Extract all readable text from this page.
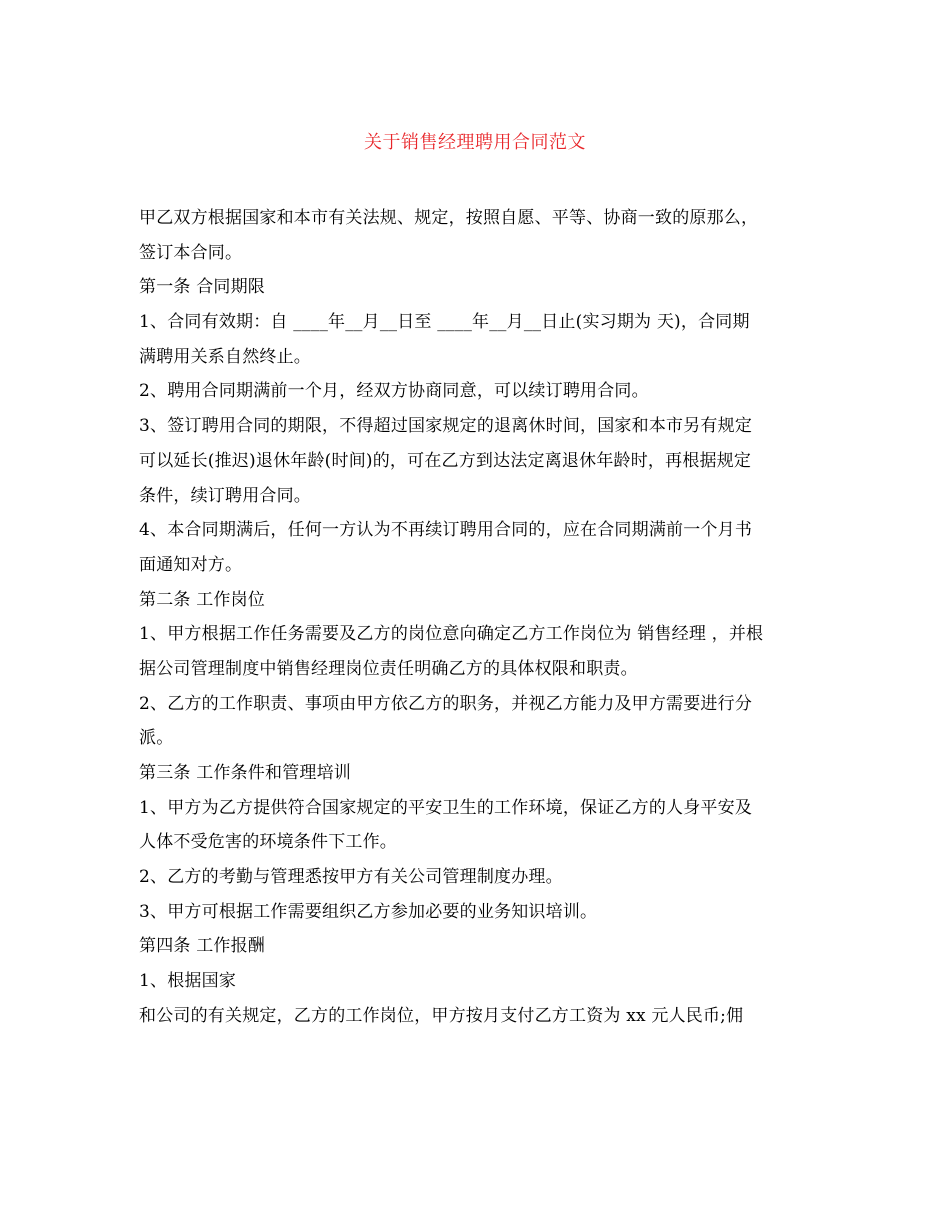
关于销售经理聘用合同范文
甲乙双方根据国家和本市有关法规、规定，按照自愿、平等、协商一致的原那么，
签订本合同。
第一条 合同期限
1、合同有效期：自 ____年__月__日至 ____年__月__日止(实习期为 天)，合同期
满聘用关系自然终止。
2、聘用合同期满前一个月，经双方协商同意，可以续订聘用合同。
3、签订聘用合同的期限，不得超过国家规定的退离休时间，国家和本市另有规定
可以延长(推迟)退休年龄(时间)的，可在乙方到达法定离退休年龄时，再根据规定
条件，续订聘用合同。
4、本合同期满后，任何一方认为不再续订聘用合同的，应在合同期满前一个月书
面通知对方。
第二条 工作岗位
1、甲方根据工作任务需要及乙方的岗位意向确定乙方工作岗位为 销售经理 ，并根
据公司管理制度中销售经理岗位责任明确乙方的具体权限和职责。
2、乙方的工作职责、事项由甲方依乙方的职务，并视乙方能力及甲方需要进行分
派。
第三条 工作条件和管理培训
1、甲方为乙方提供符合国家规定的平安卫生的工作环境，保证乙方的人身平安及
人体不受危害的环境条件下工作。
2、乙方的考勤与管理悉按甲方有关公司管理制度办理。
3、甲方可根据工作需要组织乙方参加必要的业务知识培训。
第四条 工作报酬
1、根据国家
和公司的有关规定，乙方的工作岗位，甲方按月支付乙方工资为 xx 元人民币;佣
